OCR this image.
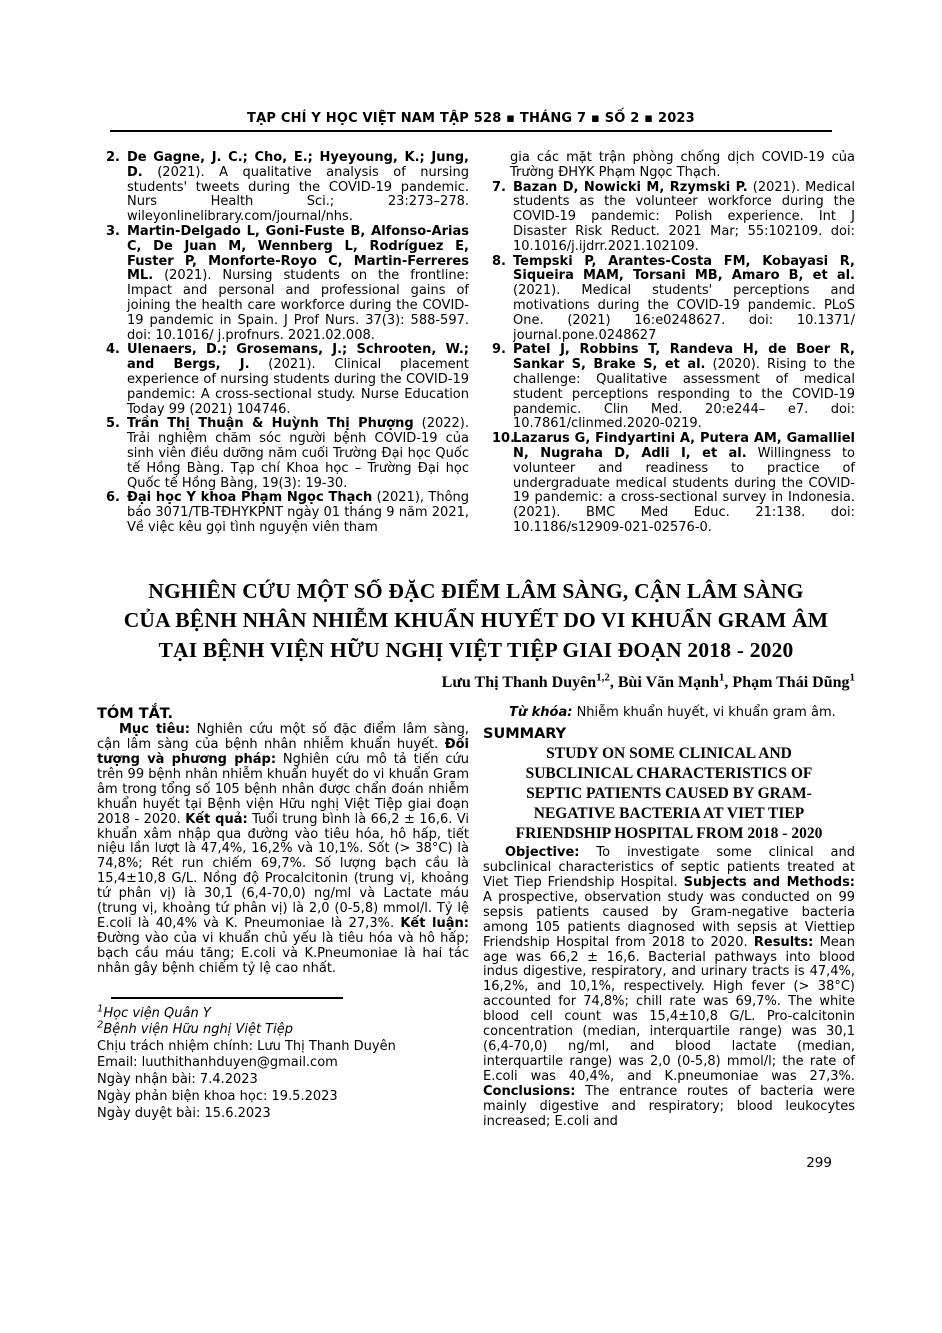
TẠP CHÍ Y HỌC VIỆT NAM TẬP 528 ▪ THÁNG 7 ▪ SỐ 2 ▪ 2023
2. De Gagne, J. C.; Cho, E.; Hyeyoung, K.; Jung, D. (2021). A qualitative analysis of nursing students' tweets during the COVID-19 pandemic. Nurs Health Sci.; 23:273–278. wileyonlinelibrary.com/journal/nhs.
3. Martin-Delgado L, Goni-Fuste B, Alfonso-Arias C, De Juan M, Wennberg L, Rodríguez E, Fuster P, Monforte-Royo C, Martin-Ferreres ML. (2021). Nursing students on the frontline: Impact and personal and professional gains of joining the health care workforce during the COVID-19 pandemic in Spain. J Prof Nurs. 37(3): 588-597. doi: 10.1016/ j.profnurs. 2021.02.008.
4. Ulenaers, D.; Grosemans, J.; Schrooten, W.; and Bergs, J. (2021). Clinical placement experience of nursing students during the COVID-19 pandemic: A cross-sectional study. Nurse Education Today 99 (2021) 104746.
5. Trần Thị Thuận & Huỳnh Thị Phượng (2022). Trải nghiệm chăm sóc người bệnh COVID-19 của sinh viên điều dưỡng năm cuối Trường Đại học Quốc tế Hồng Bàng. Tạp chí Khoa học – Trường Đại học Quốc tế Hồng Bàng, 19(3): 19-30.
6. Đại học Y khoa Phạm Ngọc Thạch (2021), Thông báo 3071/TB-TĐHYKPNT ngày 01 tháng 9 năm 2021, Về việc kêu gọi tình nguyện viên tham
gia các mặt trận phòng chống dịch COVID-19 của Trường ĐHYK Phạm Ngọc Thạch.
7. Bazan D, Nowicki M, Rzymski P. (2021). Medical students as the volunteer workforce during the COVID-19 pandemic: Polish experience. Int J Disaster Risk Reduct. 2021 Mar; 55:102109. doi: 10.1016/j.ijdrr.2021.102109.
8. Tempski P, Arantes-Costa FM, Kobayasi R, Siqueira MAM, Torsani MB, Amaro B, et al. (2021). Medical students' perceptions and motivations during the COVID-19 pandemic. PLoS One. (2021) 16:e0248627. doi: 10.1371/ journal.pone.0248627
9. Patel J, Robbins T, Randeva H, de Boer R, Sankar S, Brake S, et al. (2020). Rising to the challenge: Qualitative assessment of medical student perceptions responding to the COVID-19 pandemic. Clin Med. 20:e244– e7. doi: 10.7861/clinmed.2020-0219.
10.Lazarus G, Findyartini A, Putera AM, Gamalliel N, Nugraha D, Adli I, et al. Willingness to volunteer and readiness to practice of undergraduate medical students during the COVID-19 pandemic: a cross-sectional survey in Indonesia. (2021). BMC Med Educ. 21:138. doi: 10.1186/s12909-021-02576-0.
NGHIÊN CỨU MỘT SỐ ĐẶC ĐIỂM LÂM SÀNG, CẬN LÂM SÀNG
CỦA BỆNH NHÂN NHIỄM KHUẨN HUYẾT DO VI KHUẨN GRAM ÂM
TẠI BỆNH VIỆN HỮU NGHỊ VIỆT TIỆP GIAI ĐOẠN 2018 - 2020
Lưu Thị Thanh Duyên$^{1,2}$, Bùi Văn Mạnh$^1$, Phạm Thái Dũng$^1$
TÓM TẮT.

Mục tiêu: Nghiên cứu một số đặc điểm lâm sàng, cận lâm sàng của bệnh nhân nhiễm khuẩn huyết. Đối tượng và phương pháp: Nghiên cứu mô tả tiến cứu trên 99 bệnh nhân nhiễm khuẩn huyết do vi khuẩn Gram âm trong tổng số 105 bệnh nhân được chẩn đoán nhiễm khuẩn huyết tại Bệnh viện Hữu nghị Việt Tiệp giai đoạn 2018 - 2020. Kết quả: Tuổi trung bình là 66,2 ± 16,6. Vi khuẩn xâm nhập qua đường vào tiêu hóa, hô hấp, tiết niệu lần lượt là 47,4%, 16,2% và 10,1%. Sốt (> 38°C) là 74,8%; Rét run chiếm 69,7%. Số lượng bạch cầu là 15,4±10,8 G/L. Nồng độ Procalcitonin (trung vị, khoảng tứ phân vị) là 30,1 (6,4-70,0) ng/ml và Lactate máu (trung vị, khoảng tứ phân vị) là 2,0 (0-5,8) mmol/l. Tỷ lệ E.coli là 40,4% và K. Pneumoniae là 27,3%. Kết luận: Đường vào của vi khuẩn chủ yếu là tiêu hóa và hô hấp; bạch cầu máu tăng; E.coli và K.Pneumoniae là hai tác nhân gây bệnh chiếm tỷ lệ cao nhất.

$^1$Học viện Quân Y
$^2$Bệnh viện Hữu nghị Việt Tiệp
Chịu trách nhiệm chính: Lưu Thị Thanh Duyên
Email: luuthithanhduyen@gmail.com
Ngày nhận bài: 7.4.2023
Ngày phản biện khoa học: 19.5.2023
Ngày duyệt bài: 15.6.2023

Từ khóa: Nhiễm khuẩn huyết, vi khuẩn gram âm.

SUMMARY
STUDY ON SOME CLINICAL AND
SUBCLINICAL CHARACTERISTICS OF
SEPTIC PATIENTS CAUSED BY GRAM-
NEGATIVE BACTERIA AT VIET TIEP
FRIENDSHIP HOSPITAL FROM 2018 - 2020

Objective: To investigate some clinical and subclinical characteristics of septic patients treated at Viet Tiep Friendship Hospital. Subjects and Methods: A prospective, observation study was conducted on 99 sepsis patients caused by Gram-negative bacteria among 105 patients diagnosed with sepsis at Viettiep Friendship Hospital from 2018 to 2020. Results: Mean age was 66,2 ± 16,6. Bacterial pathways into blood indus digestive, respiratory, and urinary tracts is 47,4%, 16,2%, and 10,1%, respectively. High fever (> 38°C) accounted for 74,8%; chill rate was 69,7%. The white blood cell count was 15,4±10,8 G/L. Pro-calcitonin concentration (median, interquartile range) was 30,1 (6,4-70,0) ng/ml, and blood lactate (median, interquartile range) was 2,0 (0-5,8) mmol/l; the rate of E.coli was 40,4%, and K.pneumoniae was 27,3%. Conclusions: The entrance routes of bacteria were mainly digestive and respiratory; blood leukocytes increased; E.coli and

299
